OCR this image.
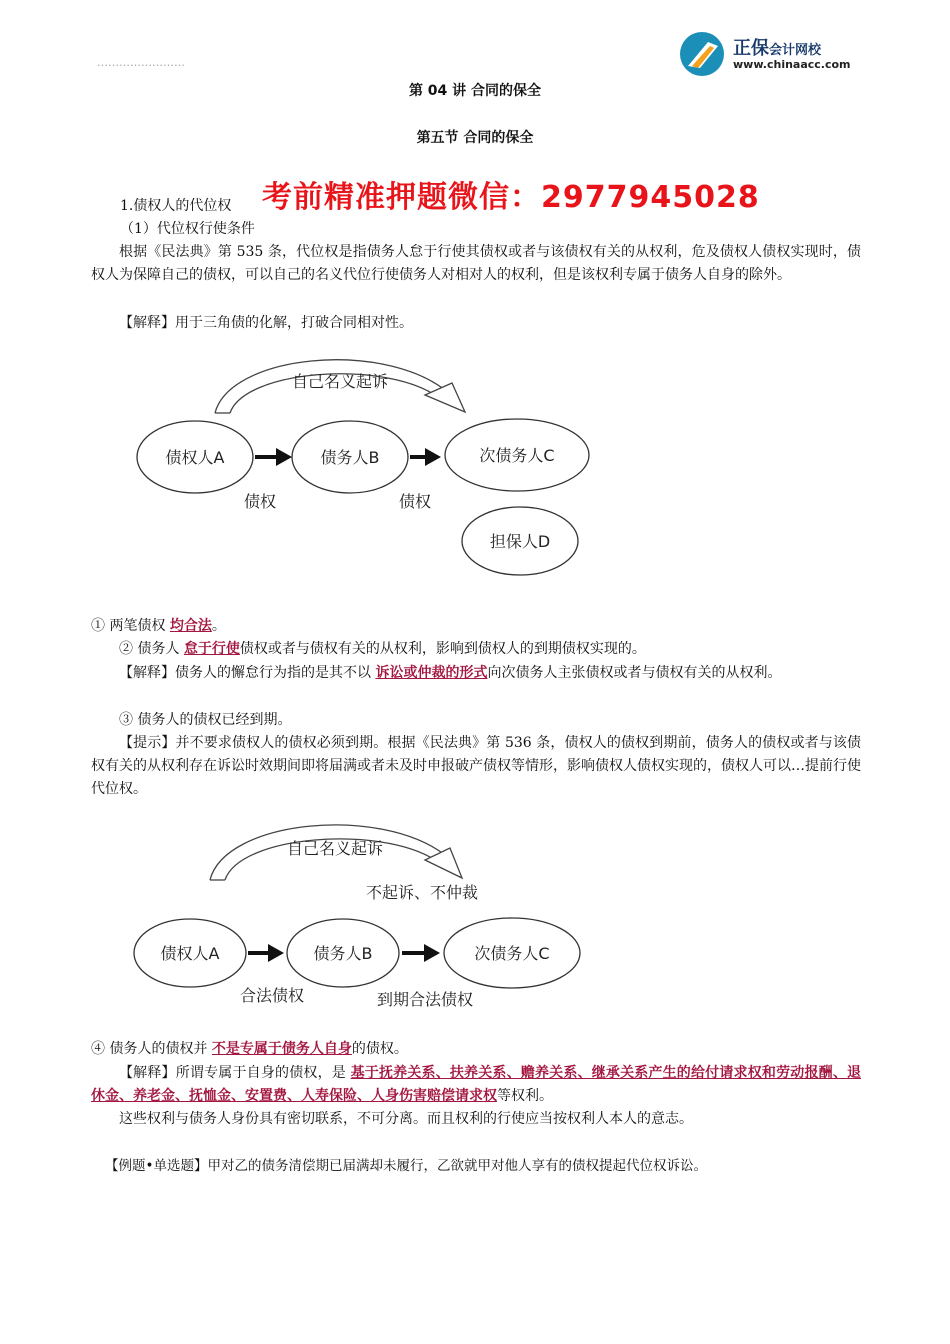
……………………
正保会计网校
www.chinaacc.com
第 04 讲 合同的保全
第五节 合同的保全
考前精准押题微信：2977945028
1.债权人的代位权
（1）代位权行使条件
根据《民法典》第 535 条，代位权是指债务人怠于行使其债权或者与该债权有关的从权利，危及债权人债权实现时，债权人为保障自己的债权，可以自己的名义代位行使债务人对相对人的权利，但是该权利专属于债务人自身的除外。
【解释】用于三角债的化解，打破合同相对性。
自己名义起诉
债权人A	债务人B	次债务人C
担保人D
债权	债权
① 两笔债权 均合法。
② 债务人 怠于行使债权或者与债权有关的从权利，影响到债权人的到期债权实现的。
【解释】债务人的懈怠行为指的是其不以 诉讼或仲裁的形式向次债务人主张债权或者与债权有关的从权利。
③ 债务人的债权已经到期。
【提示】并不要求债权人的债权必须到期。根据《民法典》第 536 条，债权人的债权到期前，债务人的债权或者与该债权有关的从权利存在诉讼时效期间即将届满或者未及时申报破产债权等情形，影响债权人债权实现的，债权人可以…提前行使代位权。
自己名义起诉
不起诉、不仲裁
债权人A	债务人B	次债务人C
合法债权	到期合法债权
④ 债务人的债权并 不是专属于债务人自身的债权。
【解释】所谓专属于自身的债权，是 基于抚养关系、扶养关系、赡养关系、继承关系产生的给付请求权和劳动报酬、退休金、养老金、抚恤金、安置费、人寿保险、人身伤害赔偿请求权等权利。
这些权利与债务人身份具有密切联系，不可分离。而且权利的行使应当按权利人本人的意志。
【例题•单选题】甲对乙的债务清偿期已届满却未履行，乙欲就甲对他人享有的债权提起代位权诉讼。
